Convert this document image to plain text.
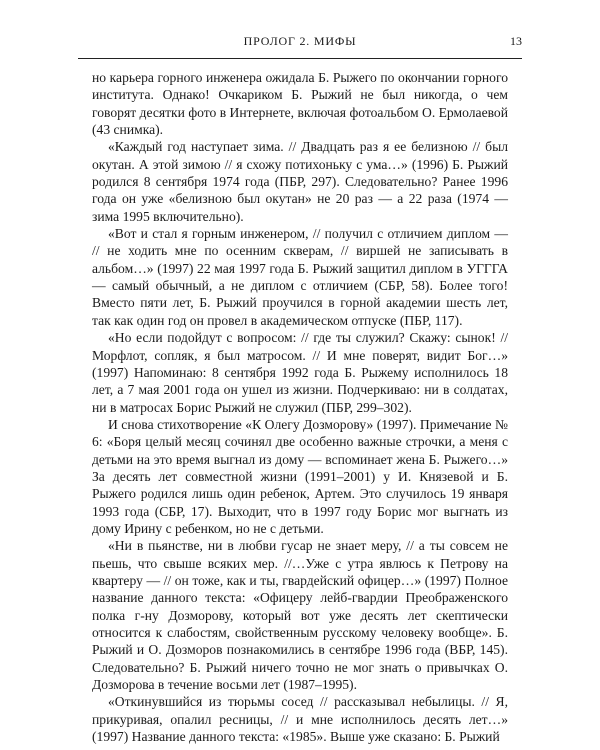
ПРОЛОГ 2. МИФЫ	13

но карьера горного инженера ожидала Б. Рыжего по окончании горного института. Однако! Очкариком Б. Рыжий не был никогда, о чем говорят десятки фото в Интернете, включая фотоальбом О. Ермолаевой (43 снимка).

«Каждый год наступает зима. // Двадцать раз я ее белизною // был окутан. А этой зимою // я схожу потихоньку с ума…» (1996) Б. Рыжий родился 8 сентября 1974 года (ПБР, 297). Следовательно? Ранее 1996 года он уже «белизною был окутан» не 20 раз — а 22 раза (1974 — зима 1995 включительно).

«Вот и стал я горным инженером, // получил с отличием диплом — // не ходить мне по осенним скверам, // виршей не записывать в альбом…» (1997) 22 мая 1997 года Б. Рыжий защитил диплом в УГГГА — самый обычный, а не диплом с отличием (СБР, 58). Более того! Вместо пяти лет, Б. Рыжий проучился в горной академии шесть лет, так как один год он провел в академическом отпуске (ПБР, 117).

«Но если подойдут с вопросом: // где ты служил? Скажу: сынок! // Морфлот, сопляк, я был матросом. // И мне поверят, видит Бог…» (1997) Напоминаю: 8 сентября 1992 года Б. Рыжему исполнилось 18 лет, а 7 мая 2001 года он ушел из жизни. Подчеркиваю: ни в солдатах, ни в матросах Борис Рыжий не служил (ПБР, 299–302).

И снова стихотворение «К Олегу Дозморову» (1997). Примечание № 6: «Боря целый месяц сочинял две особенно важные строчки, а меня с детьми на это время выгнал из дому — вспоминает жена Б. Рыжего…» За десять лет совместной жизни (1991–2001) у И. Князевой и Б. Рыжего родился лишь один ребенок, Артем. Это случилось 19 января 1993 года (СБР, 17). Выходит, что в 1997 году Борис мог выгнать из дому Ирину с ребенком, но не с детьми.

«Ни в пьянстве, ни в любви гусар не знает меру, // а ты совсем не пьешь, что свыше всяких мер. //…Уже с утра явлюсь к Петрову на квартеру — // он тоже, как и ты, гвардейский офицер…» (1997) Полное название данного текста: «Офицеру лейб-гвардии Преображенского полка г-ну Дозморову, который вот уже десять лет скептически относится к слабостям, свойственным русскому человеку вообще». Б. Рыжий и О. Дозморов познакомились в сентябре 1996 года (ВБР, 145). Следовательно? Б. Рыжий ничего точно не мог знать о привычках О. Дозморова в течение восьми лет (1987–1995).

«Откинувшийся из тюрьмы сосед // рассказывал небылицы. // Я, прикуривая, опалил ресницы, // и мне исполнилось десять лет…» (1997) Название данного текста: «1985». Выше уже сказано: Б. Рыжий
